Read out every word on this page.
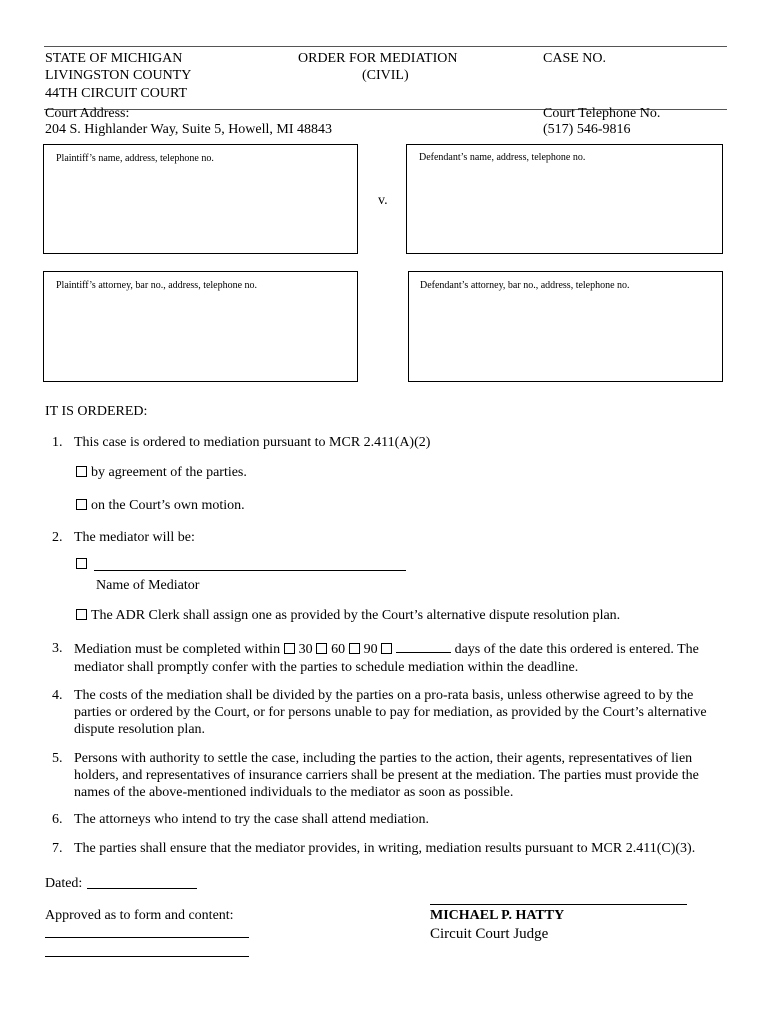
STATE OF MICHIGAN
LIVINGSTON COUNTY
44TH CIRCUIT COURT
ORDER FOR MEDIATION
(CIVIL)
CASE NO.
Court Address:
204 S. Highlander Way, Suite 5, Howell, MI 48843
Court Telephone No.
(517) 546-9816
Plaintiff’s name, address, telephone no.
v.
Defendant’s name, address, telephone no.
Plaintiff’s attorney, bar no., address, telephone no.	Defendant’s attorney, bar no., address, telephone no.
IT IS ORDERED:
1. This case is ordered to mediation pursuant to MCR 2.411(A)(2)
by agreement of the parties.
on the Court’s own motion.
2. The mediator will be:
Name of Mediator
The ADR Clerk shall assign one as provided by the Court’s alternative dispute resolution plan.
3. Mediation must be completed within 30 60 90	days of the date this ordered is entered. The
mediator shall promptly confer with the parties to schedule mediation within the deadline.
4. The costs of the mediation shall be divided by the parties on a pro-rata basis, unless otherwise agreed to by the parties or ordered by the Court, or for persons unable to pay for mediation, as provided by the Court’s alternative dispute resolution plan.
5. Persons with authority to settle the case, including the parties to the action, their agents, representatives of lien holders, and representatives of insurance carriers shall be present at the mediation. The parties must provide the names of the above-mentioned individuals to the mediator as soon as possible.
6. The attorneys who intend to try the case shall attend mediation.
7. The parties shall ensure that the mediator provides, in writing, mediation results pursuant to MCR 2.411(C)(3).
Dated:
MICHAEL P. HATTY
Circuit Court Judge
Approved as to form and content:
